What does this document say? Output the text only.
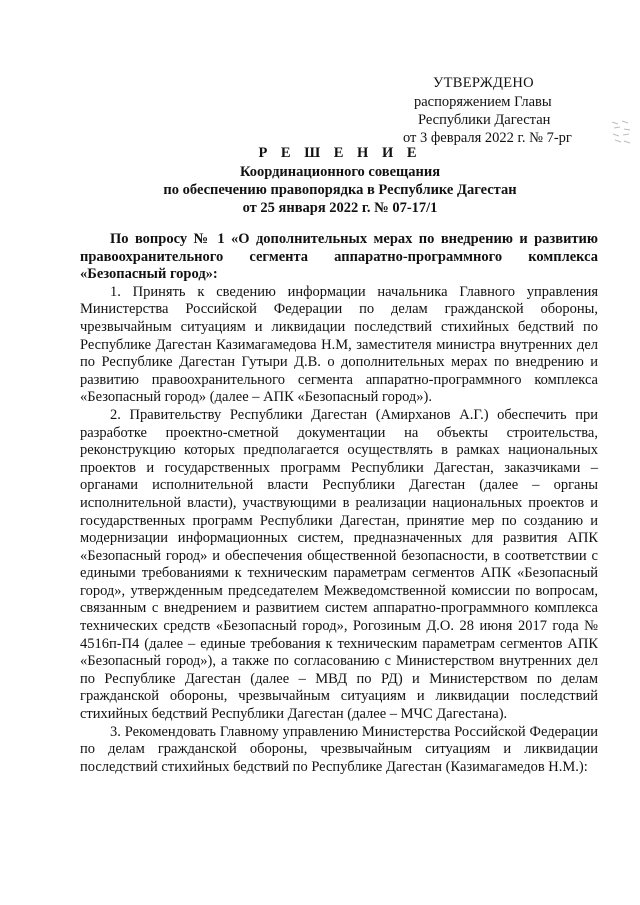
УТВЕРЖДЕНО
распоряжением Главы
Республики Дагестан
от 3 февраля 2022 г. № 7-рг
Р Е Ш Е Н И Е
Координационного совещания
по обеспечению правопорядка в Республике Дагестан
от 25 января 2022 г. № 07-17/1

По вопросу № 1 «О дополнительных мерах по внедрению и развитию правоохранительного сегмента аппаратно-программного комплекса «Безопасный город»:

1. Принять к сведению информации начальника Главного управления Министерства Российской Федерации по делам гражданской обороны, чрезвычайным ситуациям и ликвидации последствий стихийных бедствий по Республике Дагестан Казимагамедова Н.М, заместителя министра внутренних дел по Республике Дагестан Гутыри Д.В. о дополнительных мерах по внедрению и развитию правоохранительного сегмента аппаратно-программного комплекса «Безопасный город» (далее – АПК «Безопасный город»).

2. Правительству Республики Дагестан (Амирханов А.Г.) обеспечить при разработке проектно-сметной документации на объекты строительства, реконструкцию которых предполагается осуществлять в рамках национальных проектов и государственных программ Республики Дагестан, заказчиками – органами исполнительной власти Республики Дагестан (далее – органы исполнительной власти), участвующими в реализации национальных проектов и государственных программ Республики Дагестан, принятие мер по созданию и модернизации информационных систем, предназначенных для развития АПК «Безопасный город» и обеспечения общественной безопасности, в соответствии с едиными требованиями к техническим параметрам сегментов АПК «Безопасный город», утвержденным председателем Межведомственной комиссии по вопросам, связанным с внедрением и развитием систем аппаратно-программного комплекса технических средств «Безопасный город», Рогозиным Д.О. 28 июня 2017 года № 4516п-П4 (далее – единые требования к техническим параметрам сегментов АПК «Безопасный город»), а также по согласованию с Министерством внутренних дел по Республике Дагестан (далее – МВД по РД) и Министерством по делам гражданской обороны, чрезвычайным ситуациям и ликвидации последствий стихийных бедствий Республики Дагестан (далее – МЧС Дагестана).

3. Рекомендовать Главному управлению Министерства Российской Федерации по делам гражданской обороны, чрезвычайным ситуациям и ликвидации последствий стихийных бедствий по Республике Дагестан (Казимагамедов Н.М.):
